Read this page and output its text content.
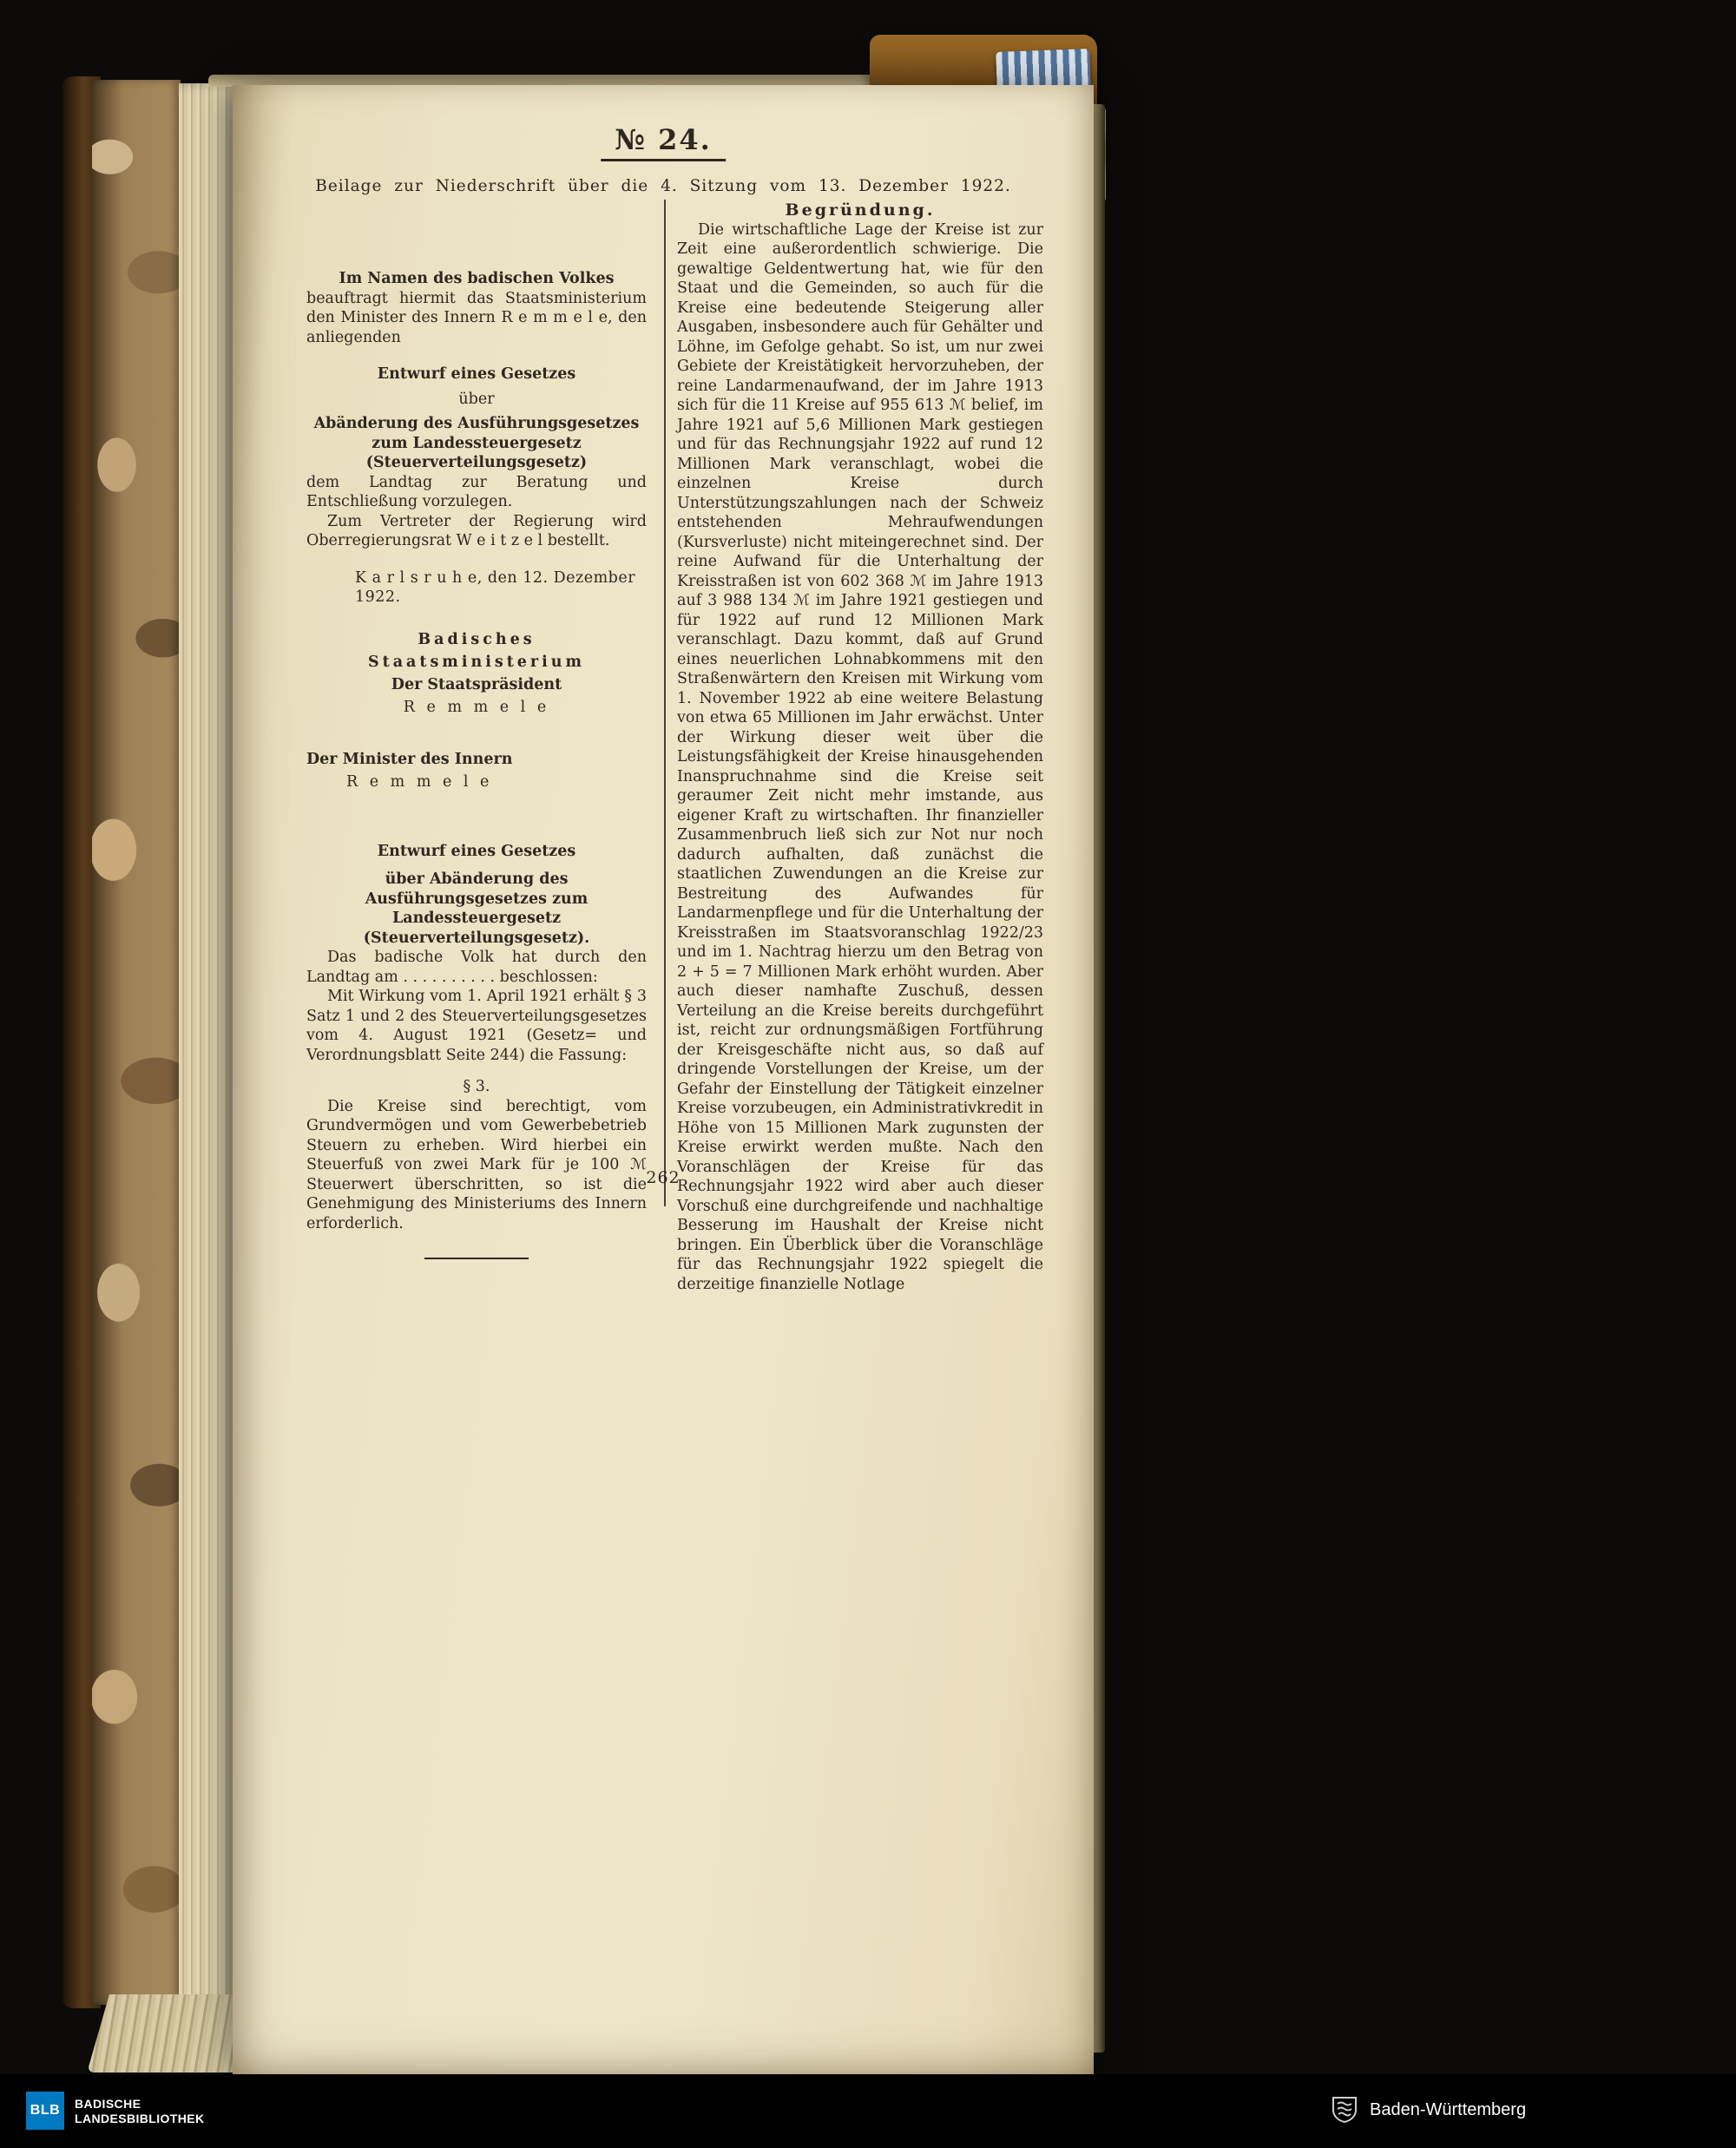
№ 24.
Beilage zur Niederschrift über die 4. Sitzung vom 13. Dezember 1922.
Im Namen des badischen Volkes

beauftragt hiermit das Staatsministerium den Minister des Innern R e m m e l e, den anliegenden

Entwurf eines Gesetzes
über
Abänderung des Ausführungsgesetzes zum Landessteuergesetz (Steuerverteilungsgesetz)

dem Landtag zur Beratung und Entschließung vorzulegen.

Zum Vertreter der Regierung wird Oberregierungsrat W e i t z e l bestellt.

K a r l s r u h e, den 12. Dezember 1922.
Badisches Staatsministerium
Der Staatspräsident
R e m m e l e
Der Minister des Innern
R e m m e l e
Entwurf eines Gesetzes
über Abänderung des Ausführungsgesetzes zum Landessteuergesetz (Steuerverteilungsgesetz).

Das badische Volk hat durch den Landtag am . . . . . . . . . . beschlossen:

Mit Wirkung vom 1. April 1921 erhält § 3 Satz 1 und 2 des Steuerverteilungsgesetzes vom 4. August 1921 (Gesetz= und Verordnungsblatt Seite 244) die Fassung:

§ 3.

Die Kreise sind berechtigt, vom Grundvermögen und vom Gewerbebetrieb Steuern zu erheben. Wird hierbei ein Steuerfuß von zwei Mark für je 100 ℳ Steuerwert überschritten, so ist die Genehmigung des Ministeriums des Innern erforderlich.

Begründung.

Die wirtschaftliche Lage der Kreise ist zur Zeit eine außerordentlich schwierige. Die gewaltige Geldentwertung hat, wie für den Staat und die Gemeinden, so auch für die Kreise eine bedeutende Steigerung aller Ausgaben, insbesondere auch für Gehälter und Löhne, im Gefolge gehabt. So ist, um nur zwei Gebiete der Kreistätigkeit hervorzuheben, der reine Landarmenaufwand, der im Jahre 1913 sich für die 11 Kreise auf 955 613 ℳ belief, im Jahre 1921 auf 5,6 Millionen Mark gestiegen und für das Rechnungsjahr 1922 auf rund 12 Millionen Mark veranschlagt, wobei die einzelnen Kreise durch Unterstützungszahlungen nach der Schweiz entstehenden Mehraufwendungen (Kursverluste) nicht miteingerechnet sind. Der reine Aufwand für die Unterhaltung der Kreisstraßen ist von 602 368 ℳ im Jahre 1913 auf 3 988 134 ℳ im Jahre 1921 gestiegen und für 1922 auf rund 12 Millionen Mark veranschlagt. Dazu kommt, daß auf Grund eines neuerlichen Lohnabkommens mit den Straßenwärtern den Kreisen mit Wirkung vom 1. November 1922 ab eine weitere Belastung von etwa 65 Millionen im Jahr erwächst. Unter der Wirkung dieser weit über die Leistungsfähigkeit der Kreise hinausgehenden Inanspruchnahme sind die Kreise seit geraumer Zeit nicht mehr imstande, aus eigener Kraft zu wirtschaften. Ihr finanzieller Zusammenbruch ließ sich zur Not nur noch dadurch aufhalten, daß zunächst die staatlichen Zuwendungen an die Kreise zur Bestreitung des Aufwandes für Landarmenpflege und für die Unterhaltung der Kreisstraßen im Staatsvoranschlag 1922/23 und im 1. Nachtrag hierzu um den Betrag von 2 + 5 = 7 Millionen Mark erhöht wurden. Aber auch dieser namhafte Zuschuß, dessen Verteilung an die Kreise bereits durchgeführt ist, reicht zur ordnungsmäßigen Fortführung der Kreisgeschäfte nicht aus, so daß auf dringende Vorstellungen der Kreise, um der Gefahr der Einstellung der Tätigkeit einzelner Kreise vorzubeugen, ein Administrativkredit in Höhe von 15 Millionen Mark zugunsten der Kreise erwirkt werden mußte. Nach den Voranschlägen der Kreise für das Rechnungsjahr 1922 wird aber auch dieser Vorschuß eine durchgreifende und nachhaltige Besserung im Haushalt der Kreise nicht bringen. Ein Überblick über die Voranschläge für das Rechnungsjahr 1922 spiegelt die derzeitige finanzielle Notlage

262
BLB	BADISCHE
LANDESBIBLIOTHEK	Baden-Württemberg
